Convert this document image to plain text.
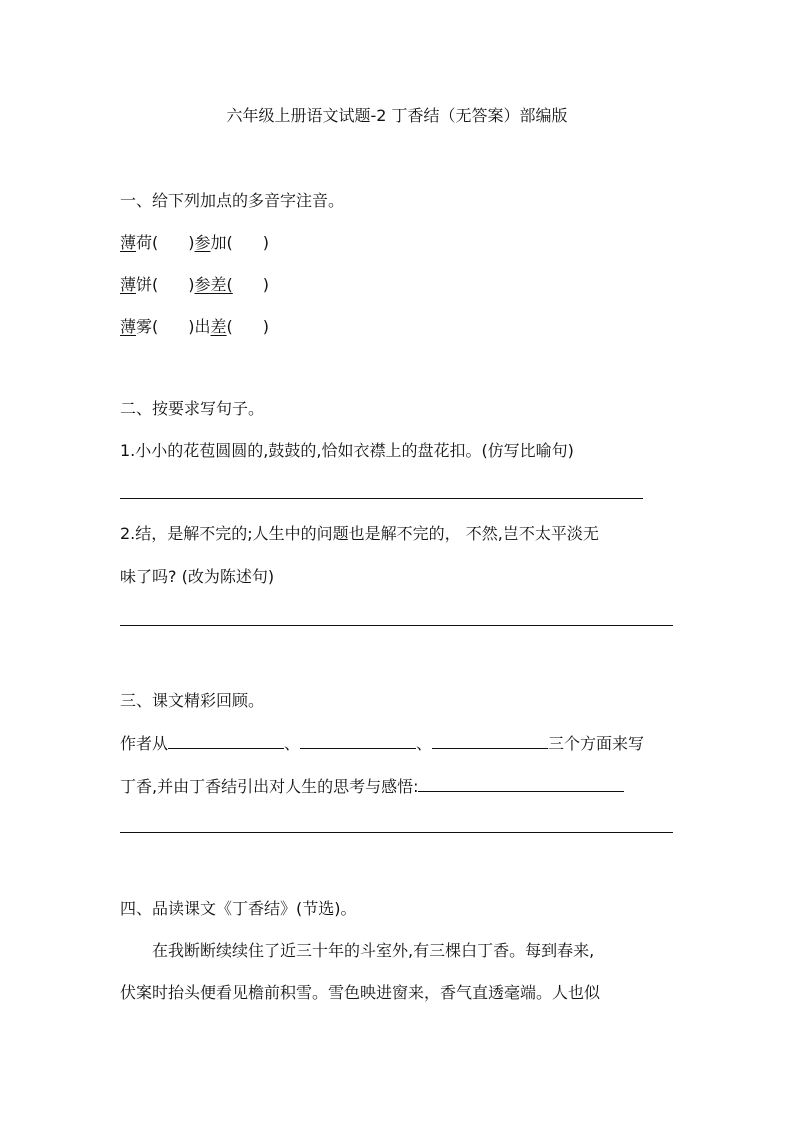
六年级上册语文试题-2 丁香结（无答案）部编版
一、给下列加点的多音字注音。
薄荷( )参加( )
薄饼( )参差( )
薄雾( )出差( )
二、按要求写句子。
1.小小的花苞圆圆的,鼓鼓的,恰如衣襟上的盘花扣。(仿写比喻句)
2.结，是解不完的;人生中的问题也是解不完的， 不然,岂不太平淡无
味了吗? (改为陈述句)
三、课文精彩回顾。
作者从	、	、	三个方面来写
丁香,并由丁香结引出对人生的思考与感悟:
四、品读课文《丁香结》(节选)。
在我断断续续住了近三十年的斗室外,有三棵白丁香。每到春来,
伏案时抬头便看见檐前积雪。雪色映进窗来，香气直透毫端。人也似
